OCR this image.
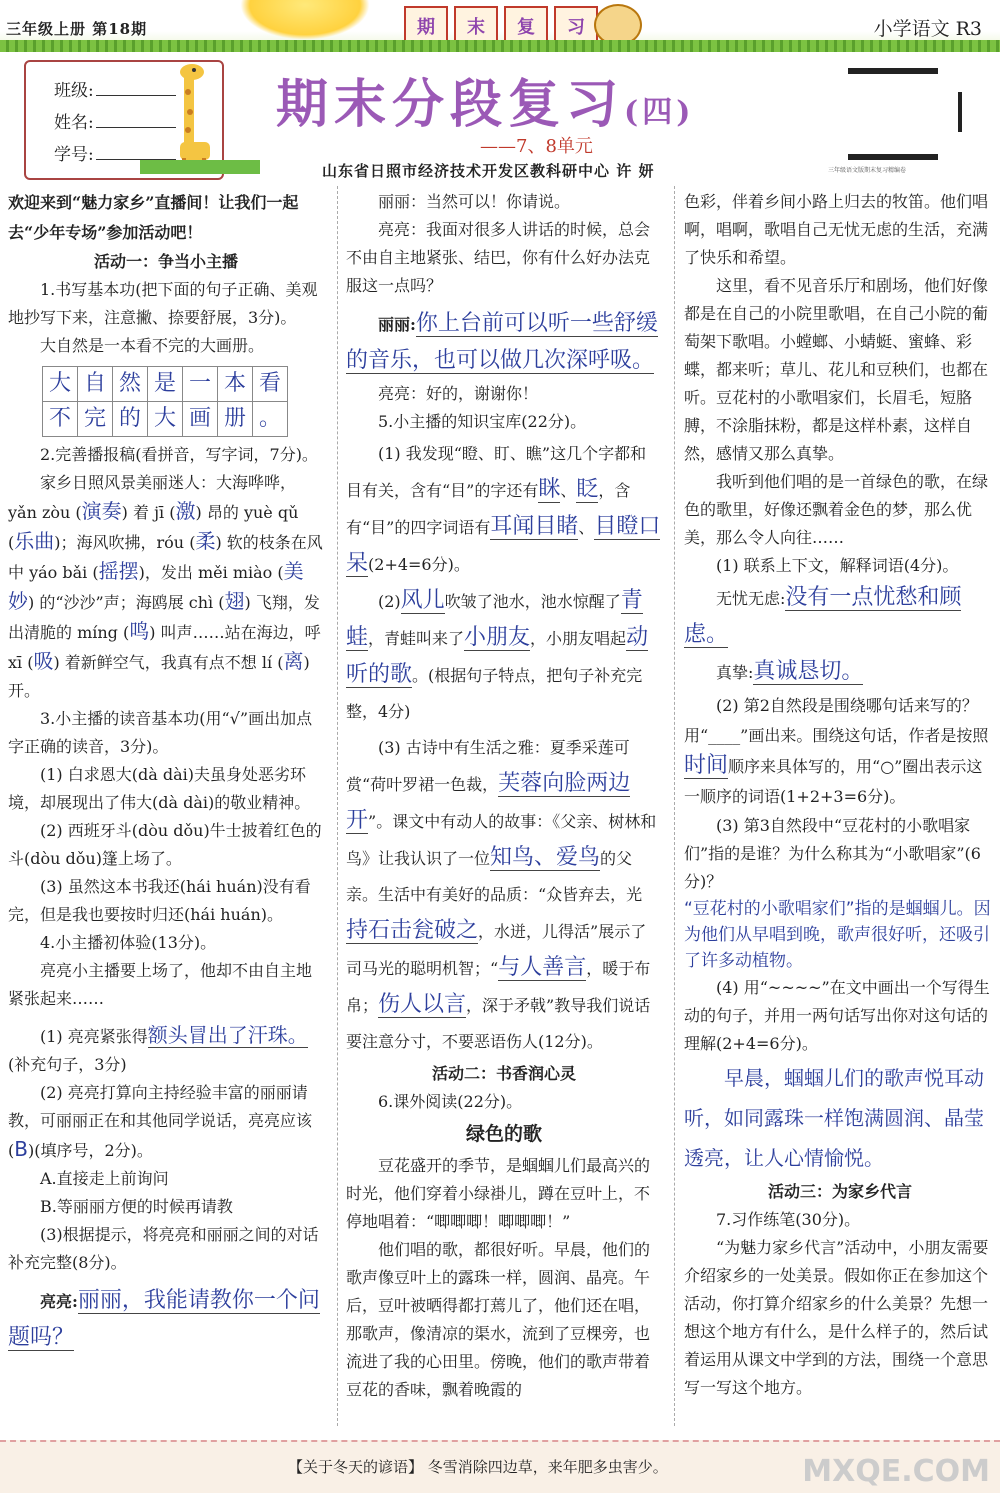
三年级上册 第18期	期	末	复	习	小学语文 R3
班级:
姓名:
学号:
期末分段复习(四)
——7、8单元
山东省日照市经济技术开发区教科研中心 许 妍	三年级语文版期末复习精编卷

欢迎来到“魅力家乡”直播间！让我们一起去“少年专场”参加活动吧！

活动一：争当小主播

1.书写基本功(把下面的句子正确、美观地抄写下来，注意撇、捺要舒展，3分)。

大自然是一本看不完的大画册。

大	自	然	是	一	本	看
不	完	的	大	画	册	。

2.完善播报稿(看拼音，写字词，7分)。

家乡日照风景美丽迷人：大海哗哗，

yǎn zòu (演奏) 着 jī (激) 昂的 yuè qǔ (乐曲)；海风吹拂，róu (柔) 软的枝条在风中 yáo bǎi (摇摆)，发出 měi miào (美妙) 的“沙沙”声；海鸥展 chì (翅) 飞翔，发出清脆的 míng (鸣) 叫声……站在海边，呼 xī (吸) 着新鲜空气，我真有点不想 lí (离) 开。

3.小主播的读音基本功(用“√”画出加点字正确的读音，3分)。

(1) 白求恩大(dà dài)夫虽身处恶劣环境，却展现出了伟大(dà dài)的敬业精神。

(2) 西班牙斗(dòu dǒu)牛士披着红色的斗(dòu dǒu)篷上场了。

(3) 虽然这本书我还(hái huán)没有看完，但是我也要按时归还(hái huán)。

4.小主播初体验(13分)。

亮亮小主播要上场了，他却不由自主地紧张起来……

(1) 亮亮紧张得额头冒出了汗珠。

(补充句子，3分)

(2) 亮亮打算向主持经验丰富的丽丽请教，可丽丽正在和其他同学说话，亮亮应该(B)(填序号，2分)。

A.直接走上前询问

B.等丽丽方便的时候再请教

(3)根据提示，将亮亮和丽丽之间的对话补充完整(8分)。

亮亮:丽丽，我能请教你一个问题吗？

丽丽：当然可以！你请说。

亮亮：我面对很多人讲话的时候，总会不由自主地紧张、结巴，你有什么好办法克服这一点吗？

丽丽:你上台前可以听一些舒缓的音乐，也可以做几次深呼吸。

亮亮：好的，谢谢你！

5.小主播的知识宝库(22分)。

(1) 我发现“瞪、盯、瞧”这几个字都和目有关，含有“目”的字还有眯、眨，含有“目”的四字词语有耳闻目睹、目瞪口呆(2+4=6分)。

(2)风儿吹皱了池水，池水惊醒了青蛙，青蛙叫来了小朋友，小朋友唱起动听的歌。(根据句子特点，把句子补充完整，4分)

(3) 古诗中有生活之雅：夏季采莲可赏“荷叶罗裙一色裁，芙蓉向脸两边开”。课文中有动人的故事：《父亲、树林和鸟》让我认识了一位知鸟、爱鸟的父亲。生活中有美好的品质：“众皆弃去，光持石击瓮破之，水迸，儿得活”展示了司马光的聪明机智；“与人善言，暖于布帛；伤人以言，深于矛戟”教导我们说话要注意分寸，不要恶语伤人(12分)。

活动二：书香润心灵

6.课外阅读(22分)。

绿色的歌

豆花盛开的季节，是蝈蝈儿们最高兴的时光，他们穿着小绿褂儿，蹲在豆叶上，不停地唱着：“唧唧唧！唧唧唧！”

他们唱的歌，都很好听。早晨，他们的歌声像豆叶上的露珠一样，圆润、晶亮。午后，豆叶被晒得都打蔫儿了，他们还在唱，那歌声，像清凉的渠水，流到了豆棵旁，也流进了我的心田里。傍晚，他们的歌声带着豆花的香味，飘着晚霞的

色彩，伴着乡间小路上归去的牧笛。他们唱啊，唱啊，歌唱自己无忧无虑的生活，充满了快乐和希望。

这里，看不见音乐厅和剧场，他们好像都是在自己的小院里歌唱，在自己小院的葡萄架下歌唱。小螳螂、小蜻蜓、蜜蜂、彩蝶，都来听；草儿、花儿和豆秧们，也都在听。豆花村的小歌唱家们，长眉毛，短胳膊，不涂脂抹粉，都是这样朴素，这样自然，感情又那么真挚。

我听到他们唱的是一首绿色的歌，在绿色的歌里，好像还飘着金色的梦，那么优美，那么令人向往……

(1) 联系上下文，解释词语(4分)。

无忧无虑:没有一点忧愁和顾虑。

真挚:真诚恳切。

(2) 第2自然段是围绕哪句话来写的？用“____”画出来。围绕这句话，作者是按照时间顺序来具体写的，用“○”圈出表示这一顺序的词语(1+2+3=6分)。

(3) 第3自然段中“豆花村的小歌唱家们”指的是谁？为什么称其为“小歌唱家”(6分)？

“豆花村的小歌唱家们”指的是蝈蝈儿。因为他们从早唱到晚，歌声很好听，还吸引了许多动植物。

(4) 用“~~~~”在文中画出一个写得生动的句子，并用一两句话写出你对这句话的理解(2+4=6分)。

早晨，蝈蝈儿们的歌声悦耳动听，如同露珠一样饱满圆润、晶莹透亮，让人心情愉悦。

活动三：为家乡代言

7.习作练笔(30分)。

“为魅力家乡代言”活动中，小朋友需要介绍家乡的一处美景。假如你正在参加这个活动，你打算介绍家乡的什么美景？先想一想这个地方有什么，是什么样子的，然后试着运用从课文中学到的方法，围绕一个意思写一写这个地方。

【关于冬天的谚语】 冬雪消除四边草，来年肥多虫害少。	MXQE.COM
